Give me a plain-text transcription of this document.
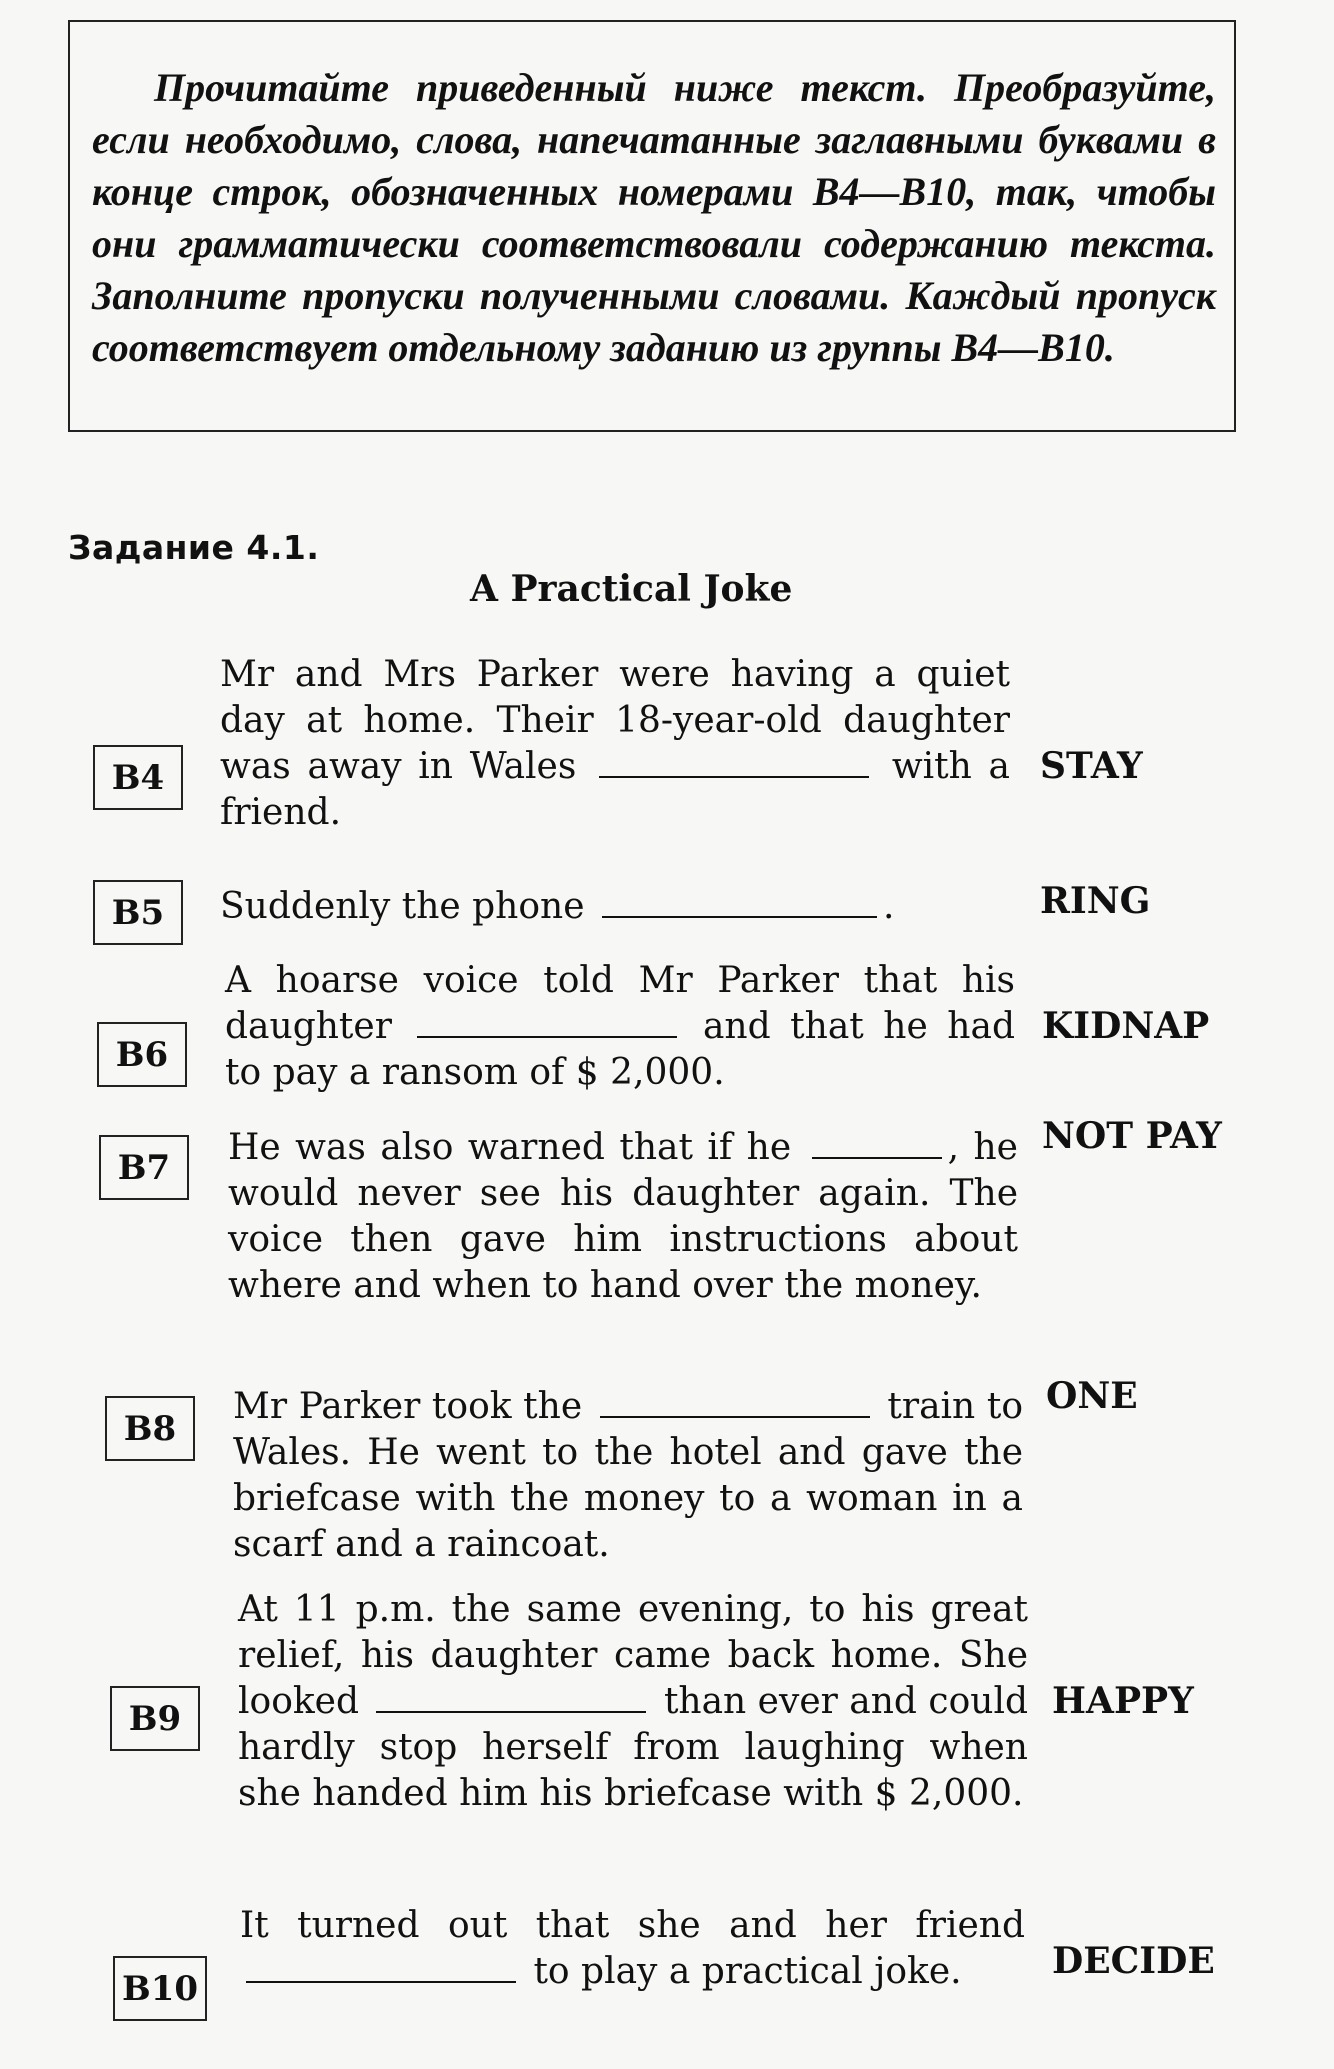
Прочитайте приведенный ниже текст. Преобразуйте, если необходимо, слова, напечатанные заглавными буквами в конце строк, обозначенных номерами B4—B10, так, чтобы они грамматически соответствовали содержанию текста. Заполните пропуски полученными словами. Каждый пропуск соответствует отдельному заданию из группы B4—B10.
Задание 4.1.
A Practical Joke
B4
Mr and Mrs Parker were having a quiet day at home. Their 18-year-old daughter was away in Wales	with a friend.
STAY
B5	Suddenly the phone	.	RING
B6
A hoarse voice told Mr Parker that his daughter	and that he had to pay a ransom of $ 2,000.
KIDNAP
B7	He was also warned that if he	, he would never see his daughter again. The voice then gave him instructions about where and when to hand over the money.
NOT PAY
B8
Mr Parker took the	train to Wales. He went to the hotel and gave the briefcase with the money to a woman in a scarf and a raincoat.
ONE
B9
At 11 p.m. the same evening, to his great relief, his daughter came back home. She looked	than ever and could hardly stop herself from laughing when she handed him his briefcase with $ 2,000.
HAPPY
B10
It turned out that she and her friend  to play a practical joke.	DECIDE
